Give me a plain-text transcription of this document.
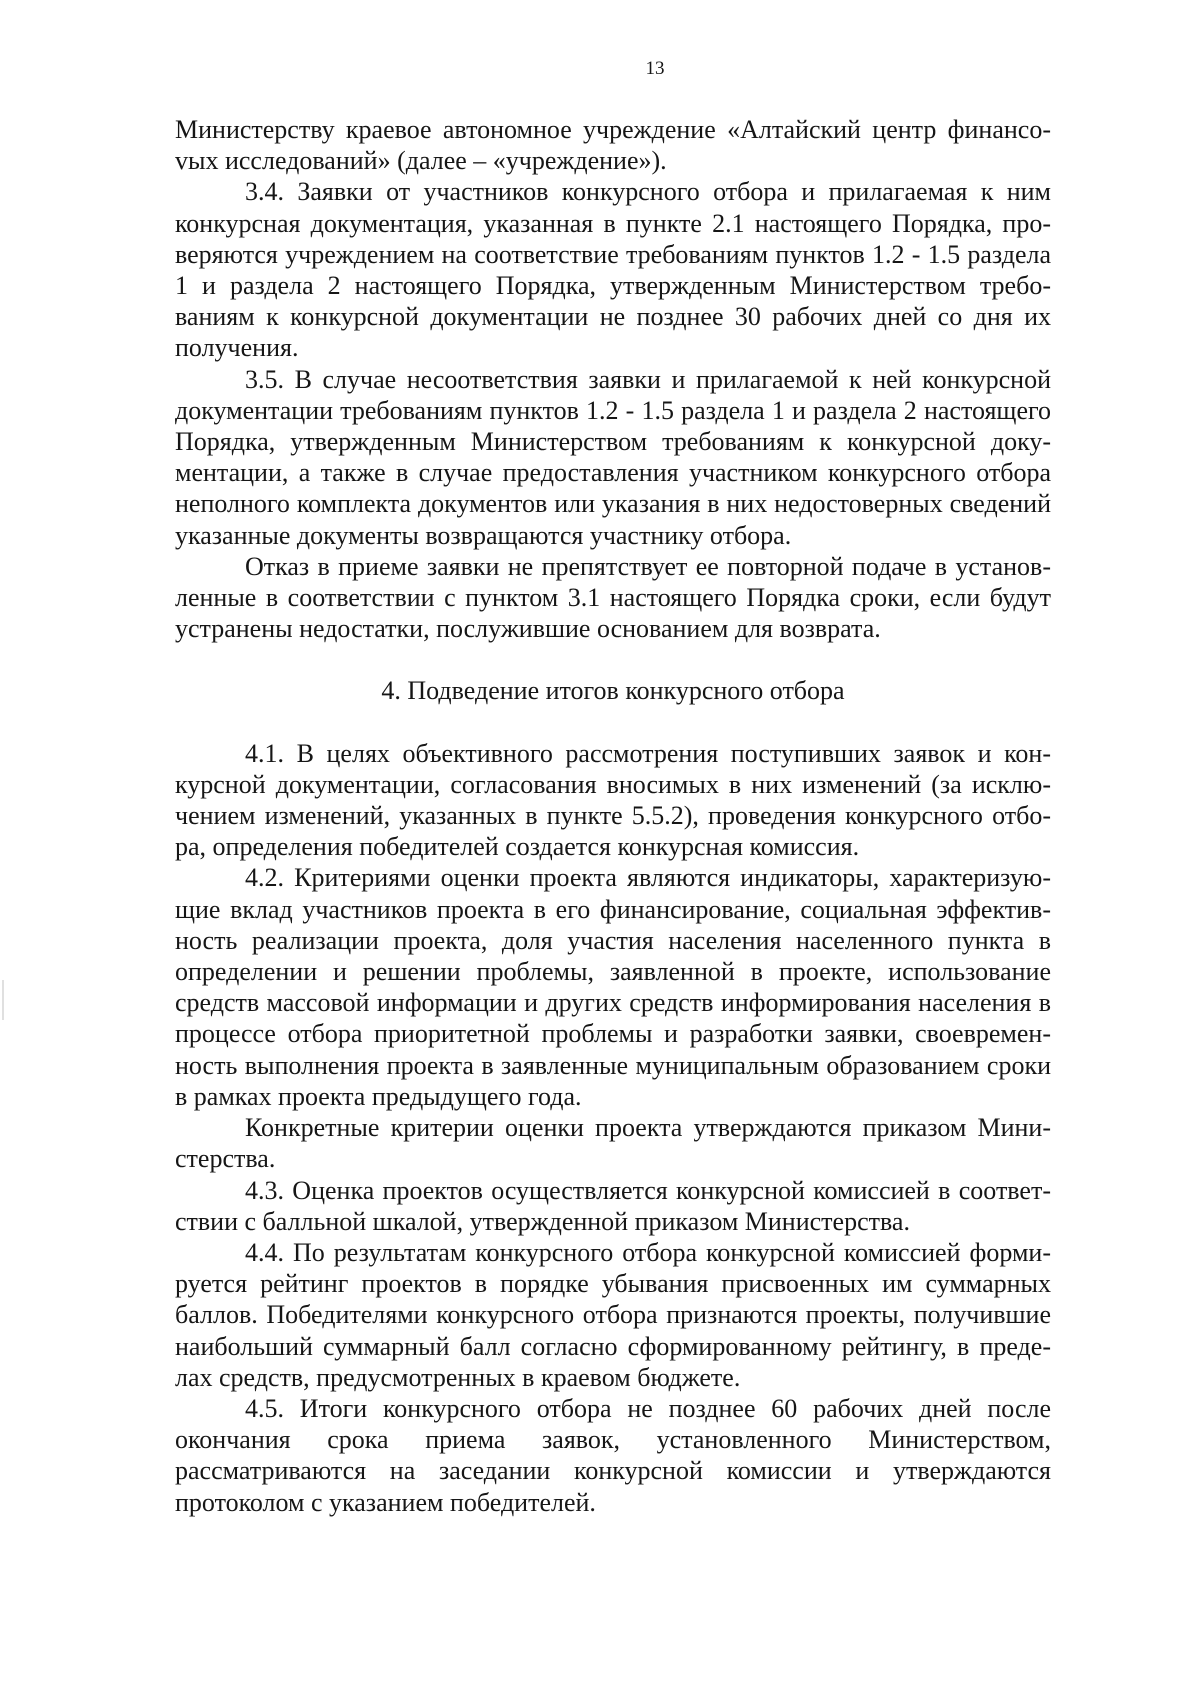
13

Министерству краевое автономное учреждение «Алтайский центр финансоvых исследований» (далее – «учреждение»).

3.4. Заявки от участников конкурсного отбора и прилагаемая к ним конкурсная документация, указанная в пункте 2.1 настоящего Порядка, проверяются учреждением на соответствие требованиям пунктов 1.2 - 1.5 раздела 1 и раздела 2 настоящего Порядка, утвержденным Министерством требованиям к конкурсной документации не позднее 30 рабочих дней со дня их получения.

3.5. В случае несоответствия заявки и прилагаемой к ней конкурсной документации требованиям пунктов 1.2 - 1.5 раздела 1 и раздела 2 настоящего Порядка, утвержденным Министерством требованиям к конкурсной документации, а также в случае предоставления участником конкурсного отбора неполного комплекта документов или указания в них недостоверных сведений указанные документы возвращаются участнику отбора.

Отказ в приеме заявки не препятствует ее повторной подаче в установленные в соответствии с пунктом 3.1 настоящего Порядка сроки, если будут устранены недостатки, послужившие основанием для возврата.

4. Подведение итогов конкурсного отбора

4.1. В целях объективного рассмотрения поступивших заявок и конкурсной документации, согласования вносимых в них изменений (за исключением изменений, указанных в пункте 5.5.2), проведения конкурсного отбора, определения победителей создается конкурсная комиссия.

4.2. Критериями оценки проекта являются индикаторы, характеризующие вклад участников проекта в его финансирование, социальная эффективность реализации проекта, доля участия населения населенного пункта в определении и решении проблемы, заявленной в проекте, использование средств массовой информации и других средств информирования населения в процессе отбора приоритетной проблемы и разработки заявки, своевременность выполнения проекта в заявленные муниципальным образованием сроки в рамках проекта предыдущего года.

Конкретные критерии оценки проекта утверждаются приказом Министерства.

4.3. Оценка проектов осуществляется конкурсной комиссией в соответствии с балльной шкалой, утвержденной приказом Министерства.

4.4. По результатам конкурсного отбора конкурсной комиссией формируется рейтинг проектов в порядке убывания присвоенных им суммарных баллов. Победителями конкурсного отбора признаются проекты, получившие наибольший суммарный балл согласно сформированному рейтингу, в пределах средств, предусмотренных в краевом бюджете.

4.5. Итоги конкурсного отбора не позднее 60 рабочих дней после окончания срока приема заявок, установленного Министерством, рассматриваются на заседании конкурсной комиссии и утверждаются протоколом с указанием победителей.
